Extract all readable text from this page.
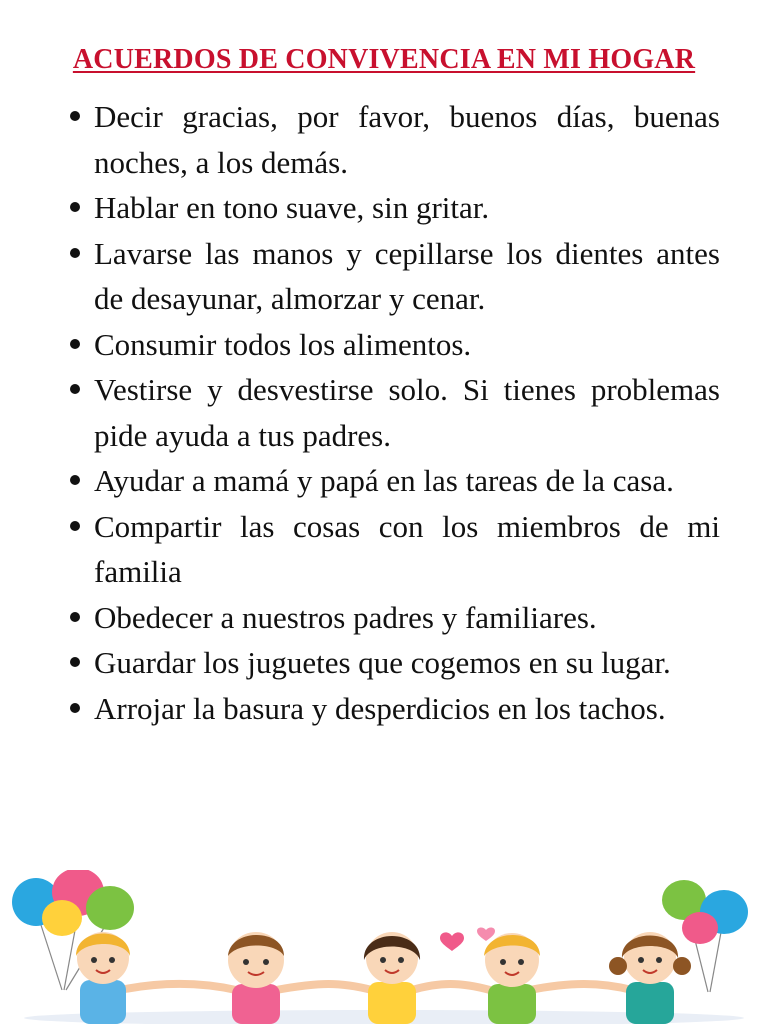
ACUERDOS DE CONVIVENCIA EN MI HOGAR
Decir gracias, por favor, buenos días, buenas noches, a los demás.
Hablar en tono suave, sin gritar.
Lavarse las manos y cepillarse los dientes antes de desayunar, almorzar y cenar.
Consumir todos los alimentos.
Vestirse y desvestirse solo. Si tienes problemas pide ayuda a tus padres.
Ayudar a mamá y papá en las tareas de la casa.
Compartir las cosas con los miembros de mi familia
Obedecer a nuestros padres y familiares.
Guardar los juguetes que cogemos en su lugar.
Arrojar la basura y desperdicios en los tachos.
